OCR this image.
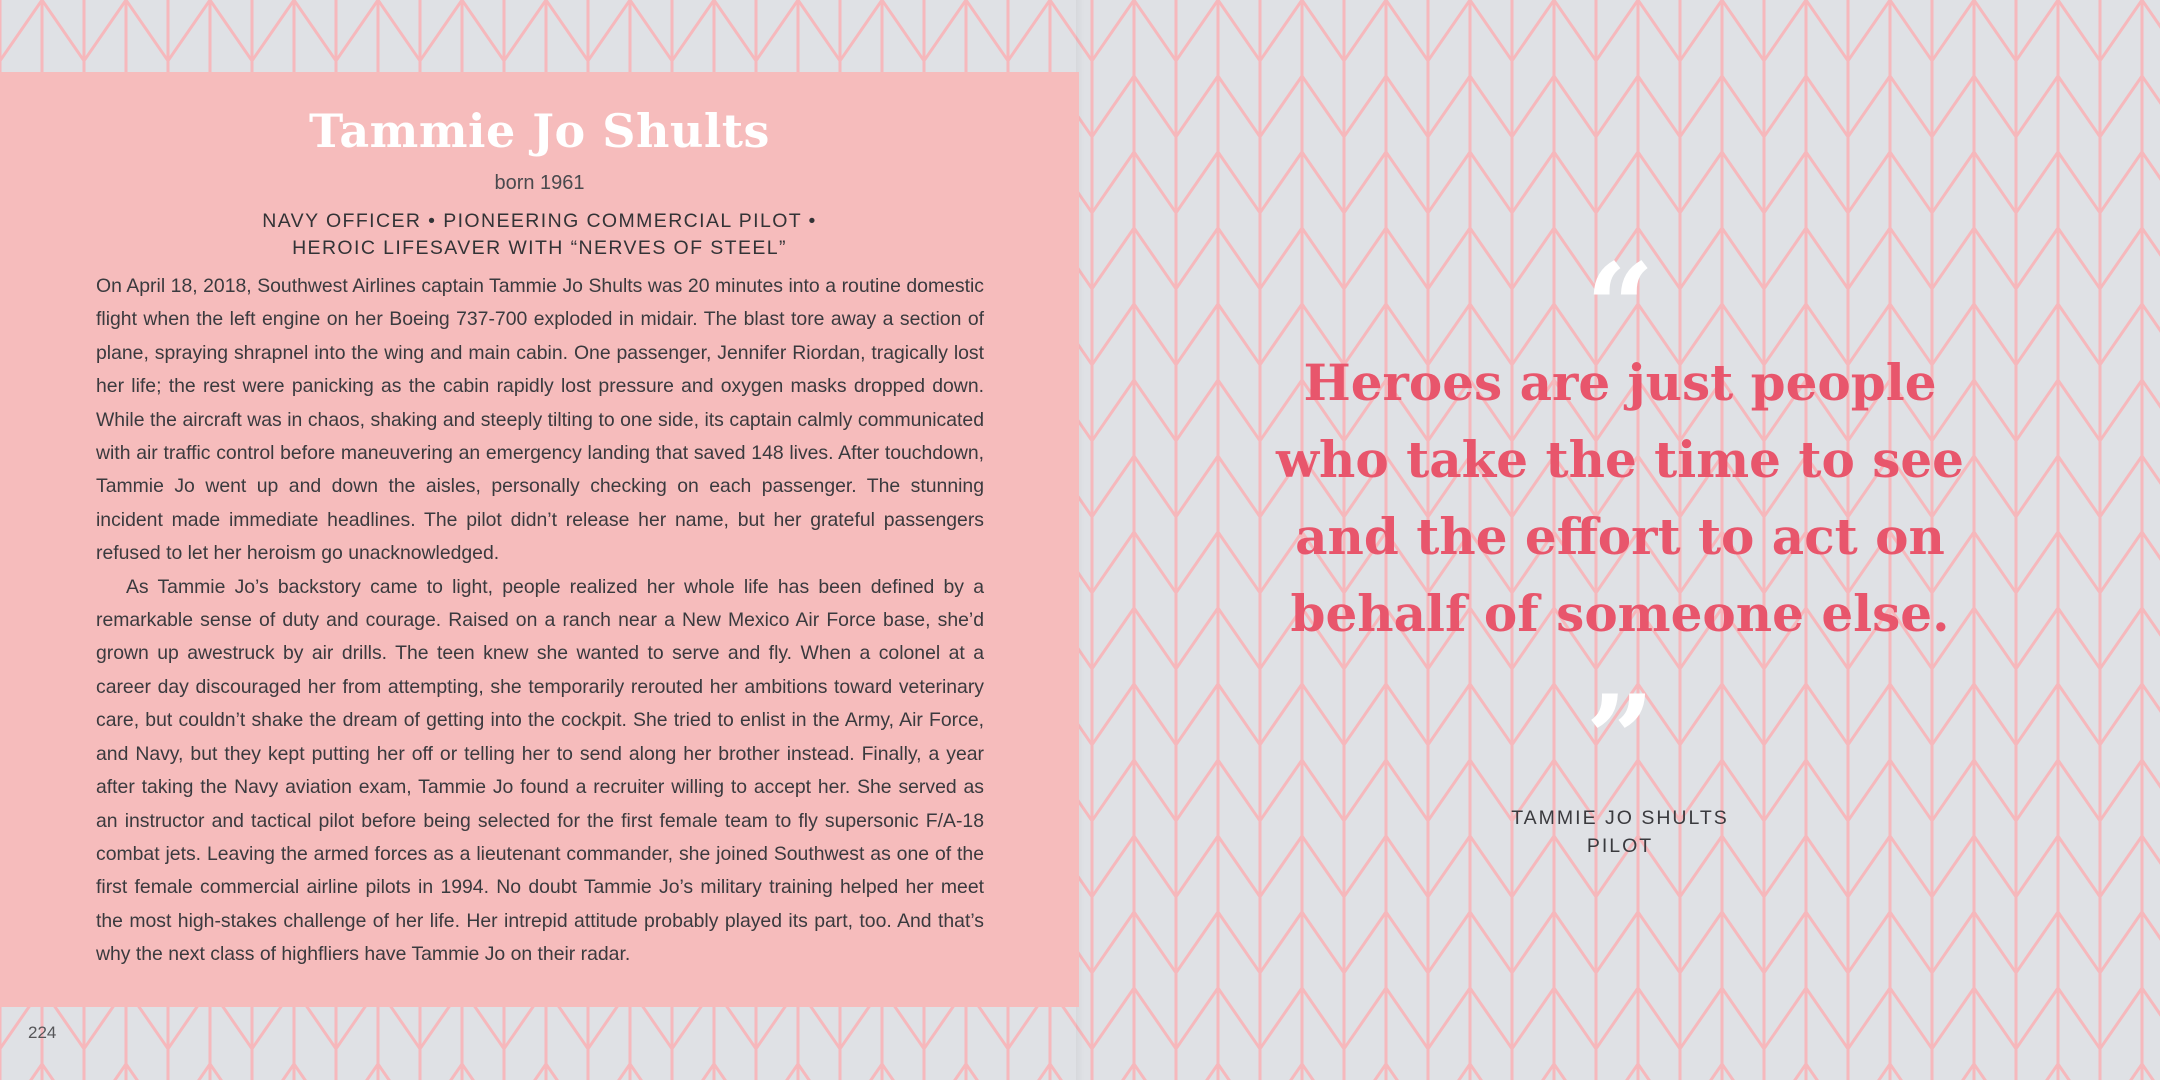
Tammie Jo Shults
born 1961
NAVY OFFICER • PIONEERING COMMERCIAL PILOT •
HEROIC LIFESAVER WITH “NERVES OF STEEL”

On April 18, 2018, Southwest Airlines captain Tammie Jo Shults was 20 minutes into a routine domestic flight when the left engine on her Boeing 737-700 exploded in midair. The blast tore away a section of plane, spraying shrapnel into the wing and main cabin. One passenger, Jennifer Riordan, tragically lost her life; the rest were panicking as the cabin rapidly lost pressure and oxygen masks dropped down. While the aircraft was in chaos, shaking and steeply tilting to one side, its captain calmly communicated with air traffic control before maneuvering an emergency landing that saved 148 lives. After touchdown, Tammie Jo went up and down the aisles, personally checking on each passenger. The stunning incident made immediate headlines. The pilot didn’t release her name, but her grateful passengers refused to let her heroism go unacknowledged.

As Tammie Jo’s backstory came to light, people realized her whole life has been defined by a remarkable sense of duty and courage. Raised on a ranch near a New Mexico Air Force base, she’d grown up awestruck by air drills. The teen knew she wanted to serve and fly. When a colonel at a career day discouraged her from attempting, she temporarily rerouted her ambitions toward veterinary care, but couldn’t shake the dream of getting into the cockpit. She tried to enlist in the Army, Air Force, and Navy, but they kept putting her off or telling her to send along her brother instead. Finally, a year after taking the Navy aviation exam, Tammie Jo found a recruiter willing to accept her. She served as an instructor and tactical pilot before being selected for the first female team to fly supersonic F/A-18 combat jets. Leaving the armed forces as a lieutenant commander, she joined Southwest as one of the first female commercial airline pilots in 1994. No doubt Tammie Jo’s military training helped her meet the most high-stakes challenge of her life. Her intrepid attitude probably played its part, too. And that’s why the next class of highfliers have Tammie Jo on their radar.

224
“
Heroes are just people
who take the time to see
and the effort to act on
behalf of someone else.
”
TAMMIE JO SHULTS
PILOT
